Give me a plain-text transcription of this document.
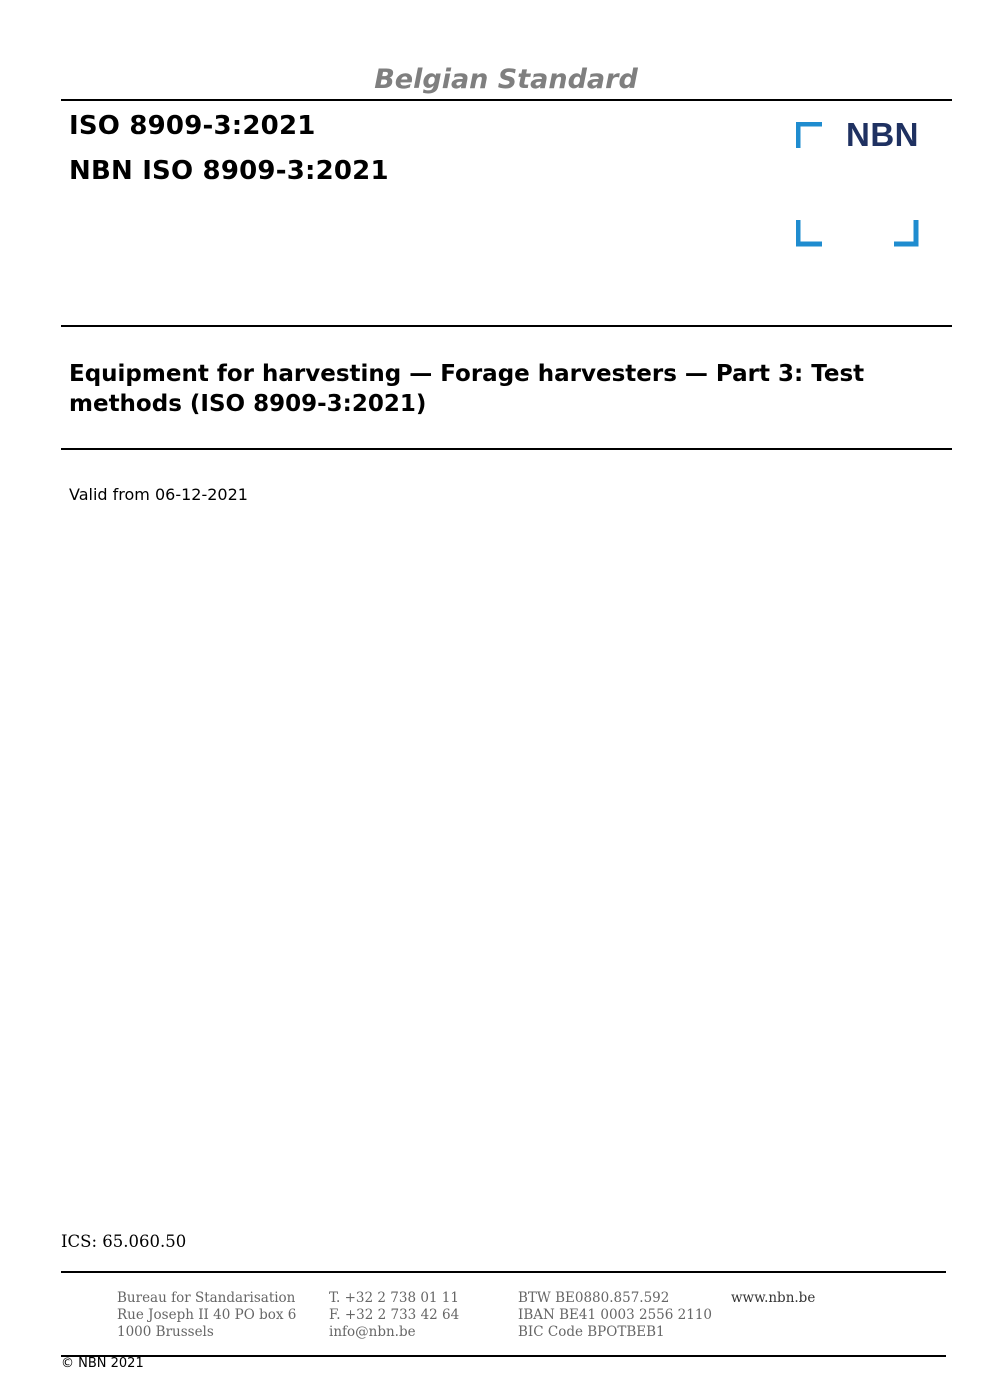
Belgian Standard
ISO 8909-3:2021
NBN ISO 8909-3:2021
NBN
Equipment for harvesting — Forage harvesters — Part 3: Test
methods (ISO 8909-3:2021)
Valid from 06-12-2021
ICS: 65.060.50
Bureau for Standarisation
Rue Joseph II 40 PO box 6
1000 Brussels
T. +32 2 738 01 11
F. +32 2 733 42 64
info@nbn.be
BTW BE0880.857.592
IBAN BE41 0003 2556 2110
BIC Code BPOTBEB1
www.nbn.be
© NBN 2021
